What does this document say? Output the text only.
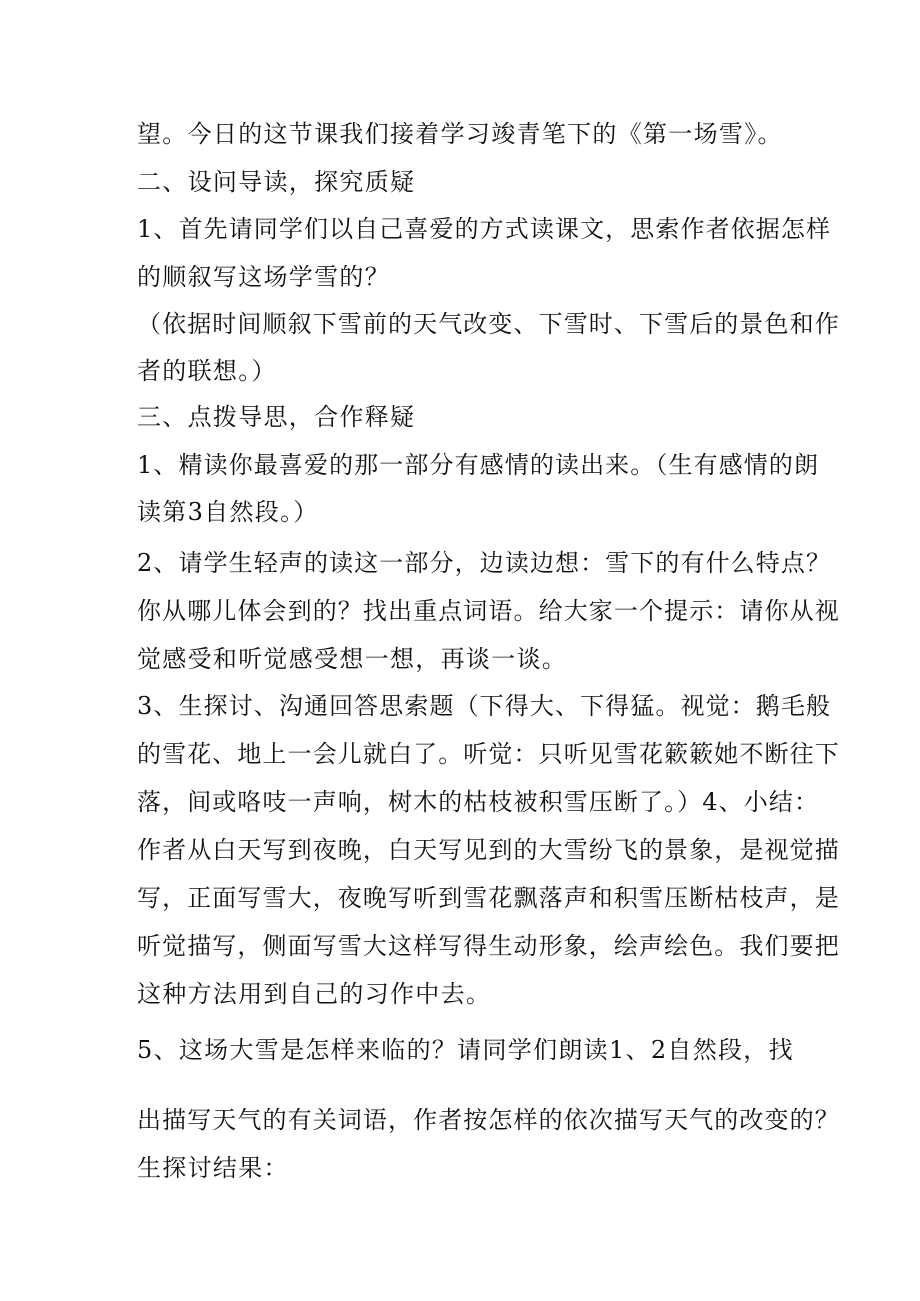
望。今日的这节课我们接着学习竣青笔下的《第一场雪》。
二、设问导读，探究质疑
1、首先请同学们以自己喜爱的方式读课文，思索作者依据怎样
的顺叙写这场学雪的？
（依据时间顺叙下雪前的天气改变、下雪时、下雪后的景色和作
者的联想。）
三、点拨导思，合作释疑
1、精读你最喜爱的那一部分有感情的读出来。（生有感情的朗
读第3自然段。）
2、请学生轻声的读这一部分，边读边想：雪下的有什么特点？
你从哪儿体会到的？找出重点词语。给大家一个提示：请你从视
觉感受和听觉感受想一想，再谈一谈。
3、生探讨、沟通回答思索题（下得大、下得猛。视觉：鹅毛般
的雪花、地上一会儿就白了。听觉：只听见雪花簌簌她不断往下
落，间或咯吱一声响，树木的枯枝被积雪压断了。）4、小结：
作者从白天写到夜晚，白天写见到的大雪纷飞的景象，是视觉描
写，正面写雪大，夜晚写听到雪花飘落声和积雪压断枯枝声，是
听觉描写，侧面写雪大这样写得生动形象，绘声绘色。我们要把
这种方法用到自己的习作中去。
5、这场大雪是怎样来临的？请同学们朗读1、2自然段，找
出描写天气的有关词语，作者按怎样的依次描写天气的改变的？
生探讨结果：
